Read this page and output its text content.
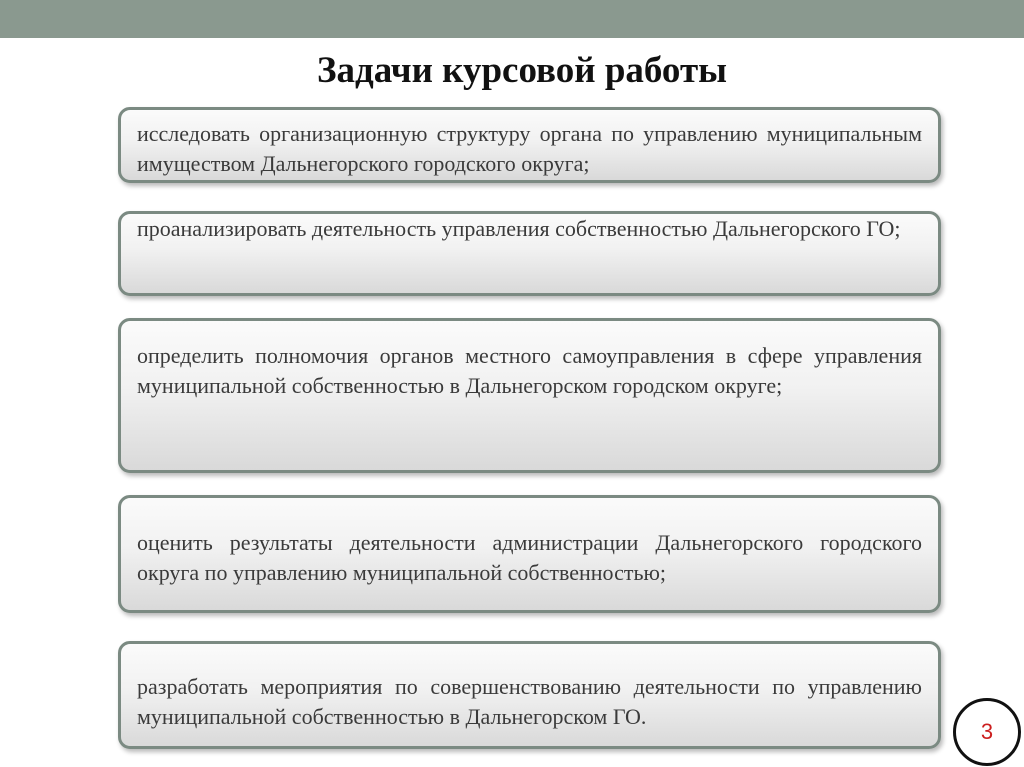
Задачи курсовой работы

исследовать организационную структуру органа по управлению муниципальным имуществом Дальнегорского городского округа;

проанализировать деятельность управления собственностью Дальнегорского ГО;

определить полномочия органов местного самоуправления в сфере управления муниципальной собственностью в Дальнегорском городском округе;

оценить результаты деятельности администрации Дальнегорского городского округа по управлению муниципальной собственностью;

разработать мероприятия по совершенствованию деятельности по управлению муниципальной собственностью в Дальнегорском ГО.

3
